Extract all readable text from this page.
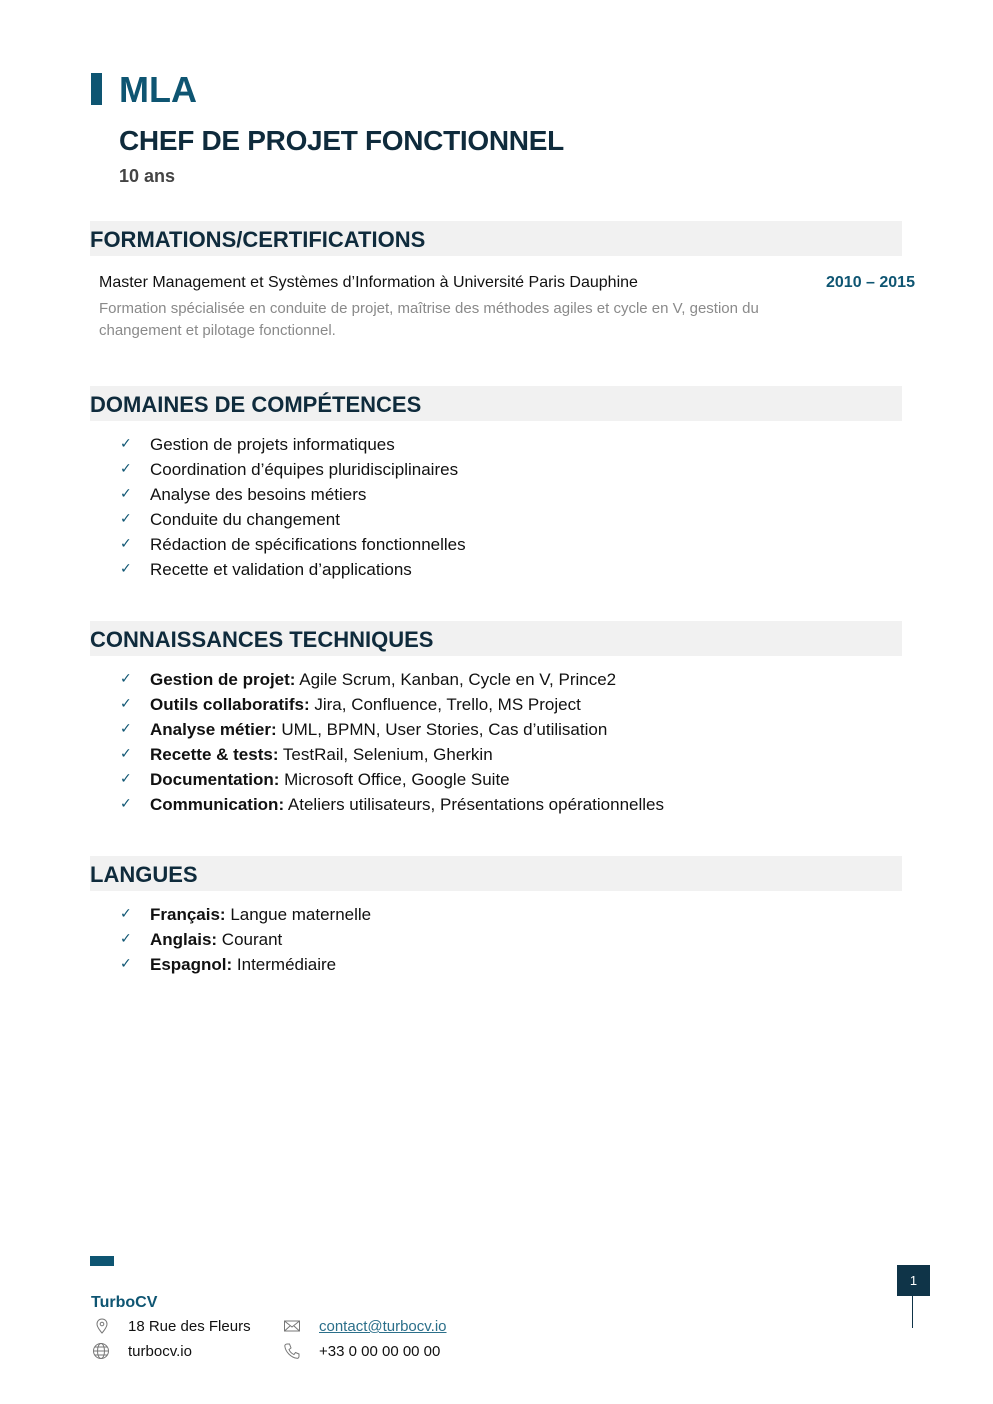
MLA
CHEF DE PROJET FONCTIONNEL
10 ans
FORMATIONS/CERTIFICATIONS
Master Management et Systèmes d’Information à Université Paris Dauphine	2010 – 2015
Formation spécialisée en conduite de projet, maîtrise des méthodes agiles et cycle en V, gestion du changement et pilotage fonctionnel.
DOMAINES DE COMPÉTENCES
✓ Gestion de projets informatiques
✓ Coordination d’équipes pluridisciplinaires
✓ Analyse des besoins métiers
✓ Conduite du changement
✓ Rédaction de spécifications fonctionnelles
✓ Recette et validation d’applications
CONNAISSANCES TECHNIQUES
✓ Gestion de projet: Agile Scrum, Kanban, Cycle en V, Prince2
✓ Outils collaboratifs: Jira, Confluence, Trello, MS Project
✓ Analyse métier: UML, BPMN, User Stories, Cas d’utilisation
✓ Recette & tests: TestRail, Selenium, Gherkin
✓ Documentation: Microsoft Office, Google Suite
✓ Communication: Ateliers utilisateurs, Présentations opérationnelles
LANGUES
✓ Français: Langue maternelle
✓ Anglais: Courant
✓ Espagnol: Intermédiaire
TurboCV
18 Rue des Fleurs
turbocv.io
contact@turbocv.io
+33 0 00 00 00 00
1
